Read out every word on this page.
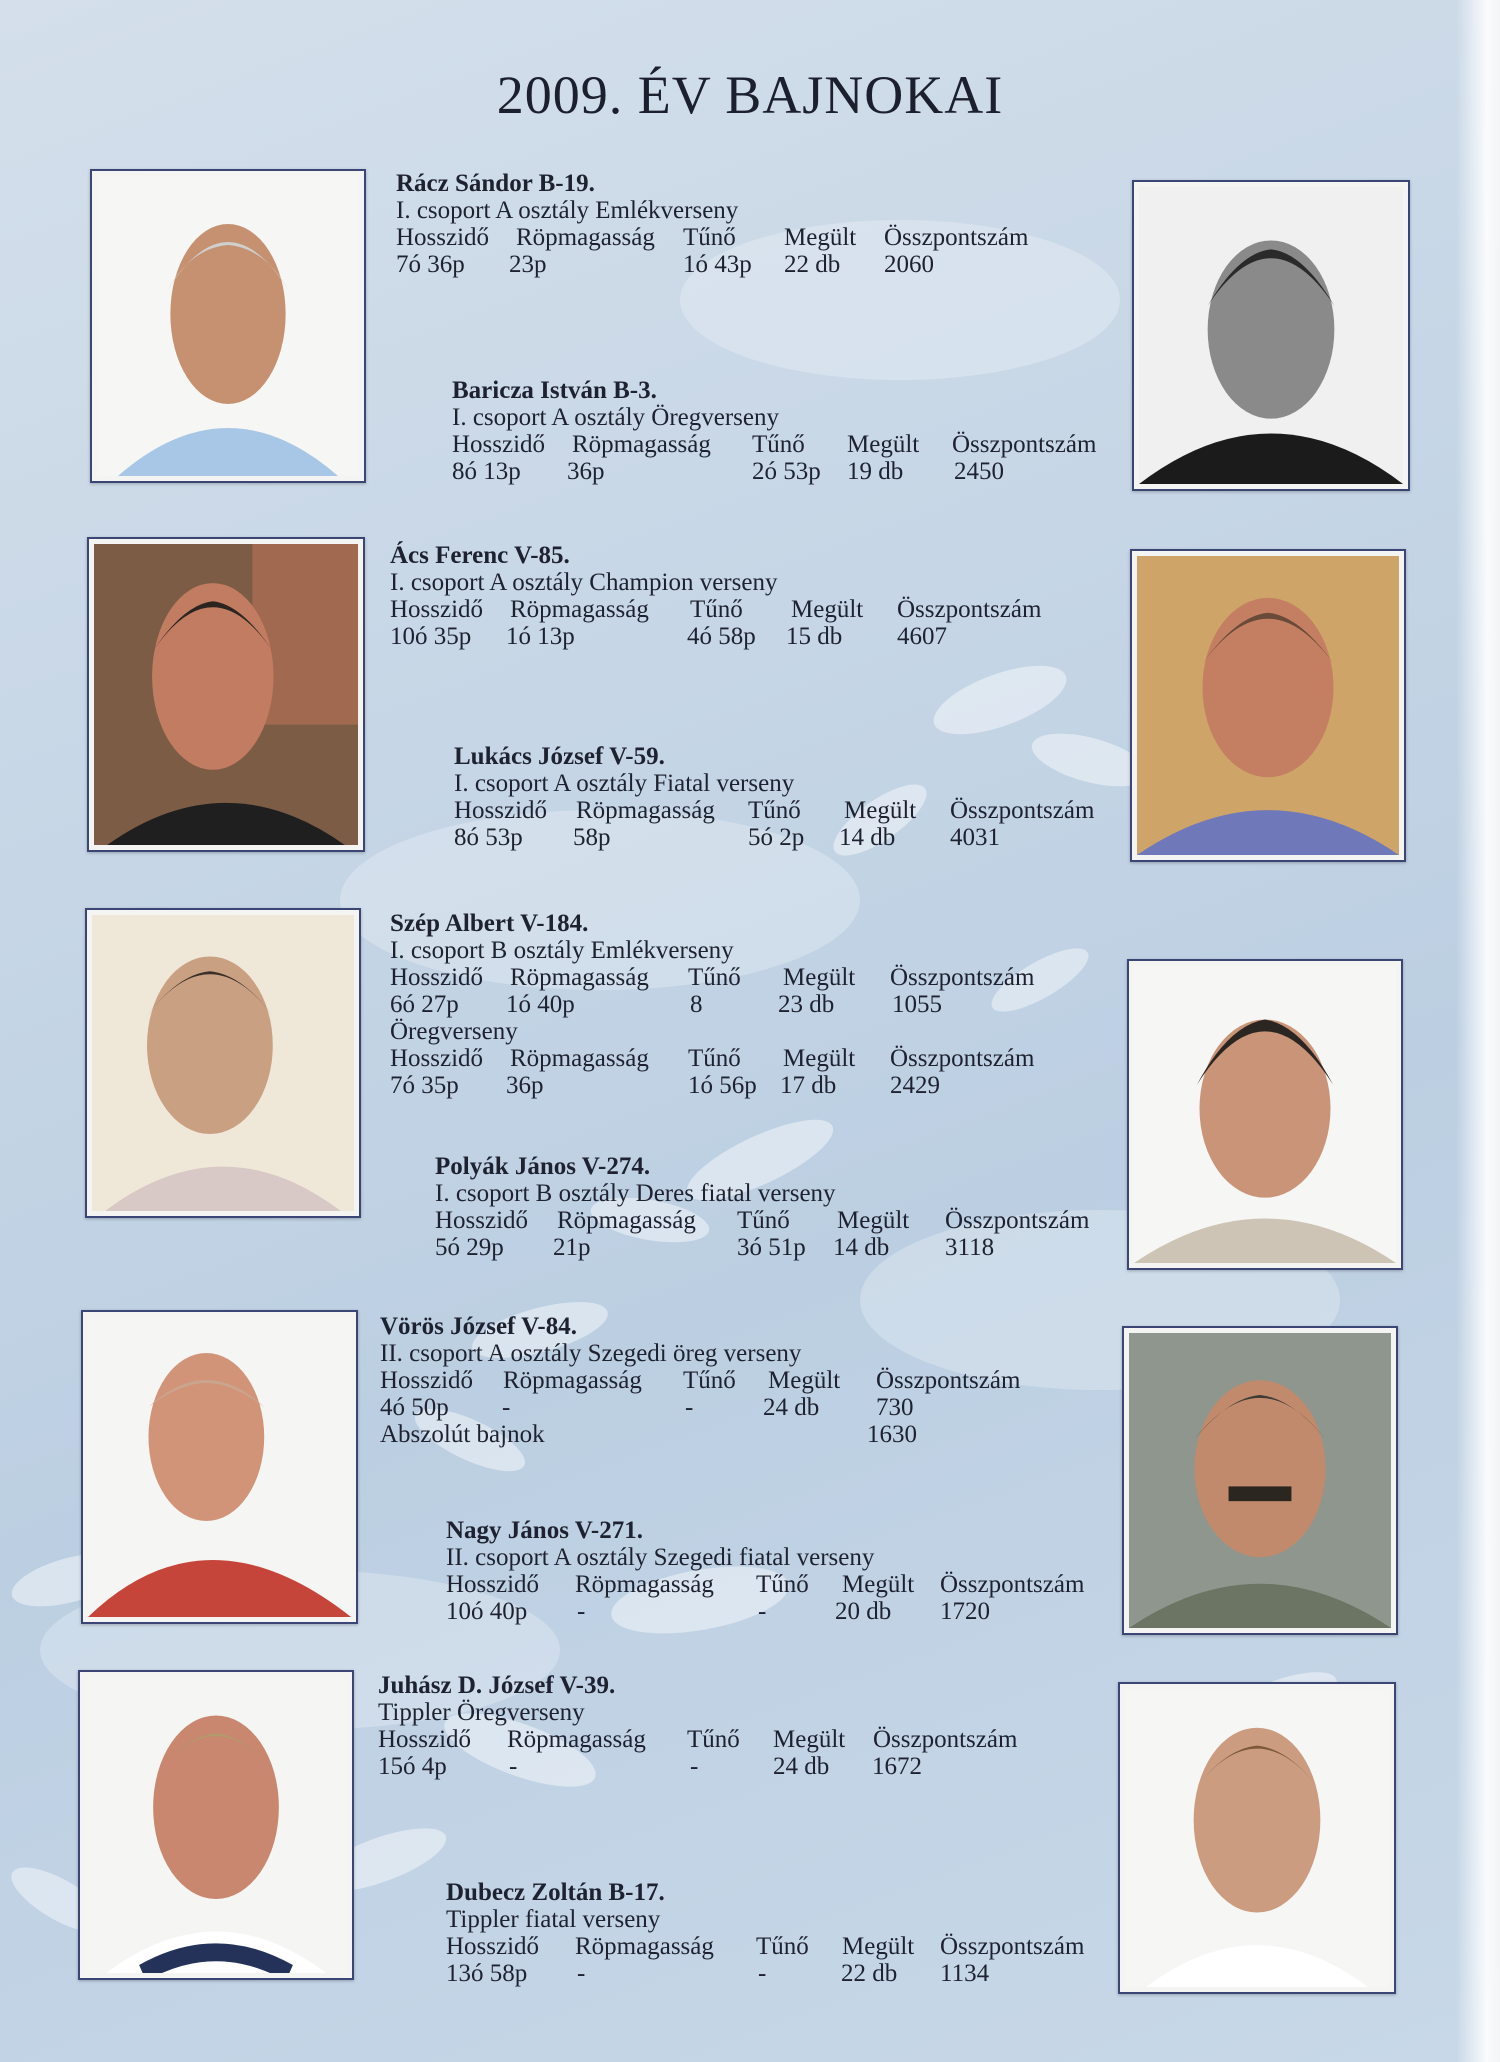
2009. ÉV BAJNOKAI
Rácz Sándor B-19.
I. csoport A osztály Emlékverseny
Hosszidő Röpmagasság Tűnő Megült Összpontszám
7ó 36p 23p	1ó 43p 22 db 2060
Baricza István B-3.
I. csoport A osztály Öregverseny
Hosszidő Röpmagasság Tűnő Megült Összpontszám
8ó 13p 36p	2ó 53p 19 db 2450
Ács Ferenc V-85.
I. csoport A osztály Champion verseny
Hosszidő Röpmagasság Tűnő Megült Összpontszám
10ó 35p 1ó 13p	4ó 58p 15 db 4607
Lukács József V-59.
I. csoport A osztály Fiatal verseny
Hosszidő Röpmagasság Tűnő Megült Összpontszám
8ó 53p 58p	5ó 2p 14 db 4031
Szép Albert V-184.
I. csoport B osztály Emlékverseny
Hosszidő Röpmagasság Tűnő Megült Összpontszám
6ó 27p 1ó 40p	8	23 db 1055
Öregverseny
Hosszidő Röpmagasság Tűnő Megült Összpontszám
7ó 35p 36p	1ó 56p 17 db 2429
Polyák János V-274.
I. csoport B osztály Deres fiatal verseny
Hosszidő Röpmagasság Tűnő Megült Összpontszám
5ó 29p 21p	3ó 51p 14 db 3118
Vörös József V-84.
II. csoport A osztály Szegedi öreg verseny
Hosszidő Röpmagasság Tűnő Megült Összpontszám
4ó 50p -	-	24 db 730
Abszolút bajnok	1630
Nagy János V-271.
II. csoport A osztály Szegedi fiatal verseny
Hosszidő Röpmagasság Tűnő Megült Összpontszám
10ó 40p -	-	20 db 1720
Juhász D. József V-39.
Tippler Öregverseny
Hosszidő Röpmagasság Tűnő Megült Összpontszám
15ó 4p -	-	24 db 1672
Dubecz Zoltán B-17.
Tippler fiatal verseny
Hosszidő Röpmagasság Tűnő Megült Összpontszám
13ó 58p -	-	22 db 1134
